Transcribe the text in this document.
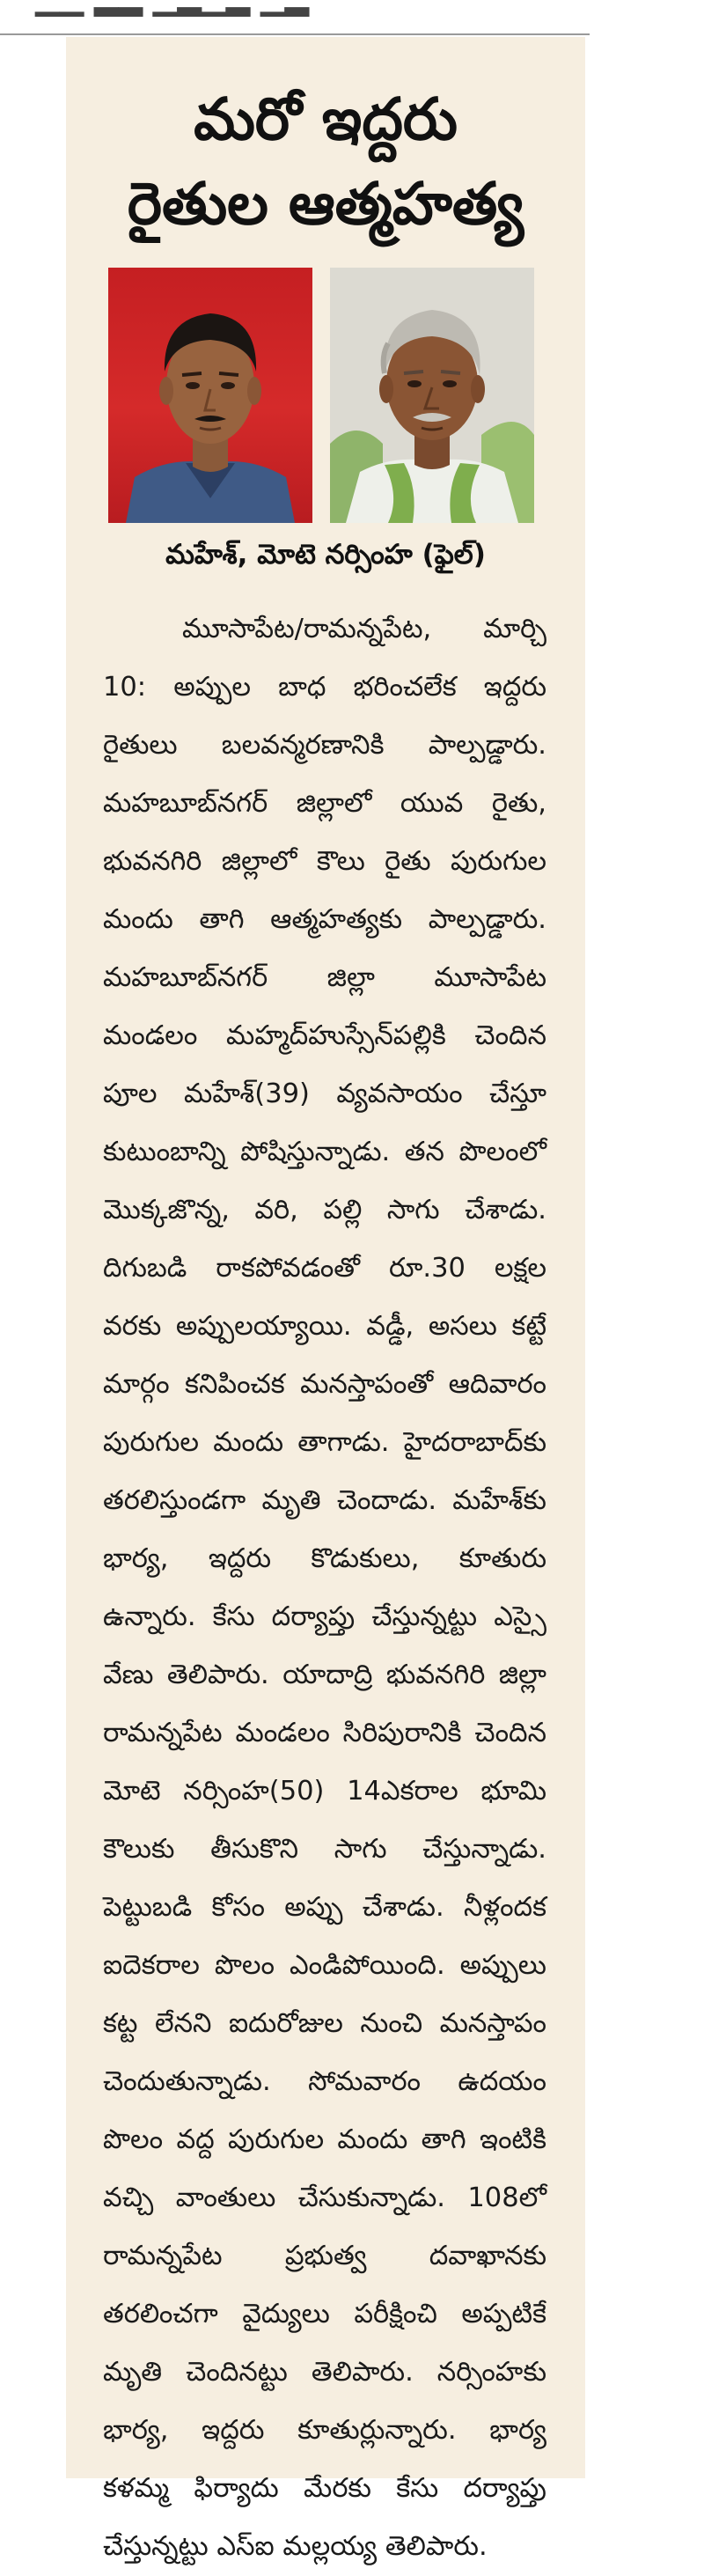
మరో ఇద్దరు
రైతుల ఆత్మహత్య
మహేశ్, మోటె నర్సింహ (ఫైల్)
మూసాపేట/రామన్నపేట, మార్చి 10: అప్పుల బాధ భరించలేక ఇద్దరు రైతులు బలవన్మరణానికి పాల్పడ్డారు. మహబూబ్‌నగర్ జిల్లాలో యువ రైతు, భువనగిరి జిల్లాలో కౌలు రైతు పురుగుల మందు తాగి ఆత్మహత్యకు పాల్పడ్డారు. మహబూబ్‌నగర్ జిల్లా మూసాపేట మండలం మహ్మద్‌హుస్సేన్‌పల్లికి చెందిన పూల మహేశ్(39) వ్యవసాయం చేస్తూ కుటుంబాన్ని పోషిస్తున్నాడు. తన పొలంలో మొక్కజొన్న, వరి, పల్లి సాగు చేశాడు. దిగుబడి రాకపోవడంతో రూ.30 లక్షల వరకు అప్పులయ్యాయి. వడ్డీ, అసలు కట్టే మార్గం కనిపించక మనస్తాపంతో ఆదివారం పురుగుల మందు తాగాడు. హైదరాబాద్‌కు తరలిస్తుండగా మృతి చెందాడు. మహేశ్‌కు భార్య, ఇద్దరు కొడుకులు, కూతురు ఉన్నారు. కేసు దర్యాప్తు చేస్తున్నట్టు ఎస్సై వేణు తెలిపారు. యాదాద్రి భువనగిరి జిల్లా రామన్నపేట మండలం సిరిపురానికి చెందిన మోటె నర్సింహ(50) 14ఎకరాల భూమి కౌలుకు తీసుకొని సాగు చేస్తున్నాడు. పెట్టుబడి కోసం అప్పు చేశాడు. నీళ్లందక ఐదెకరాల పొలం ఎండిపోయింది. అప్పులు కట్ట లేనని ఐదురోజుల నుంచి మనస్తాపం చెందుతున్నాడు. సోమవారం ఉదయం పొలం వద్ద పురుగుల మందు తాగి ఇంటికి వచ్చి వాంతులు చేసుకున్నాడు. 108లో రామన్నపేట ప్రభుత్వ దవాఖానకు తరలించగా వైద్యులు పరీక్షించి అప్పటికే మృతి చెందినట్టు తెలిపారు. నర్సింహకు భార్య, ఇద్దరు కూతుర్లున్నారు. భార్య కళమ్మ ఫిర్యాదు మేరకు కేసు దర్యాప్తు చేస్తున్నట్టు ఎస్‌ఐ మల్లయ్య తెలిపారు.
